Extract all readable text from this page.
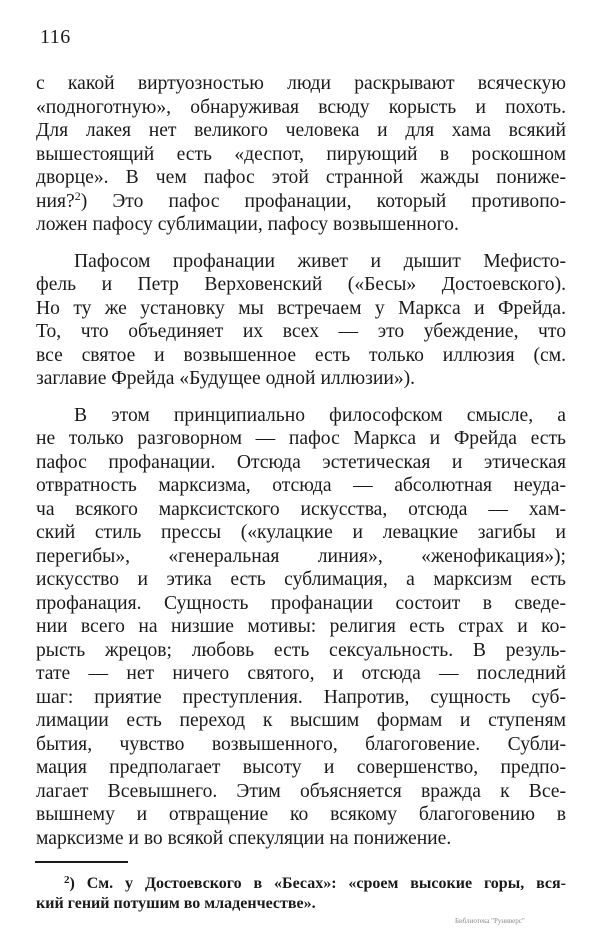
116

с какой виртуозностью люди раскрывают всяческую
«подноготную», обнаруживая всюду корысть и похоть.
Для лакея нет великого человека и для хама всякий
вышестоящий есть «деспот, пирующий в роскошном
дворце». В чем пафос этой странной жажды пониже-
ния?$^2$) Это пафос профанации, который противопо-
ложен пафосу сублимации, пафосу возвышенного.

Пафосом профанации живет и дышит Мефисто-
фель и Петр Верховенский («Бесы» Достоевского).
Но ту же установку мы встречаем у Маркса и Фрейда.
То, что объединяет их всех — это убеждение, что
все святое и возвышенное есть только иллюзия (см.
заглавие Фрейда «Будущее одной иллюзии»).

В этом принципиально философском смысле, а
не только разговорном — пафос Маркса и Фрейда есть
пафос профанации. Отсюда эстетическая и этическая
отвратность марксизма, отсюда — абсолютная неуда-
ча всякого марксистского искусства, отсюда — хам-
ский стиль прессы («кулацкие и левацкие загибы и
перегибы», «генеральная линия», «женофикация»);
искусство и этика есть сублимация, а марксизм есть
профанация. Сущность профанации состоит в сведе-
нии всего на низшие мотивы: религия есть страх и ко-
рысть жрецов; любовь есть сексуальность. В резуль-
тате — нет ничего святого, и отсюда — последний
шаг: приятие преступления. Напротив, сущность суб-
лимации есть переход к высшим формам и ступеням
бытия, чувство возвышенного, благоговение. Субли-
мация предполагает высоту и совершенство, предпо-
лагает Всевышнего. Этим объясняется вражда к Все-
вышнему и отвращение ко всякому благоговению в
марксизме и во всякой спекуляции на понижение.

$^2$) См. у Достоевского в «Бесах»: «сроем высокие горы, вся-
кий гений потушим во младенчестве».
Библиотека "Руниверс"
